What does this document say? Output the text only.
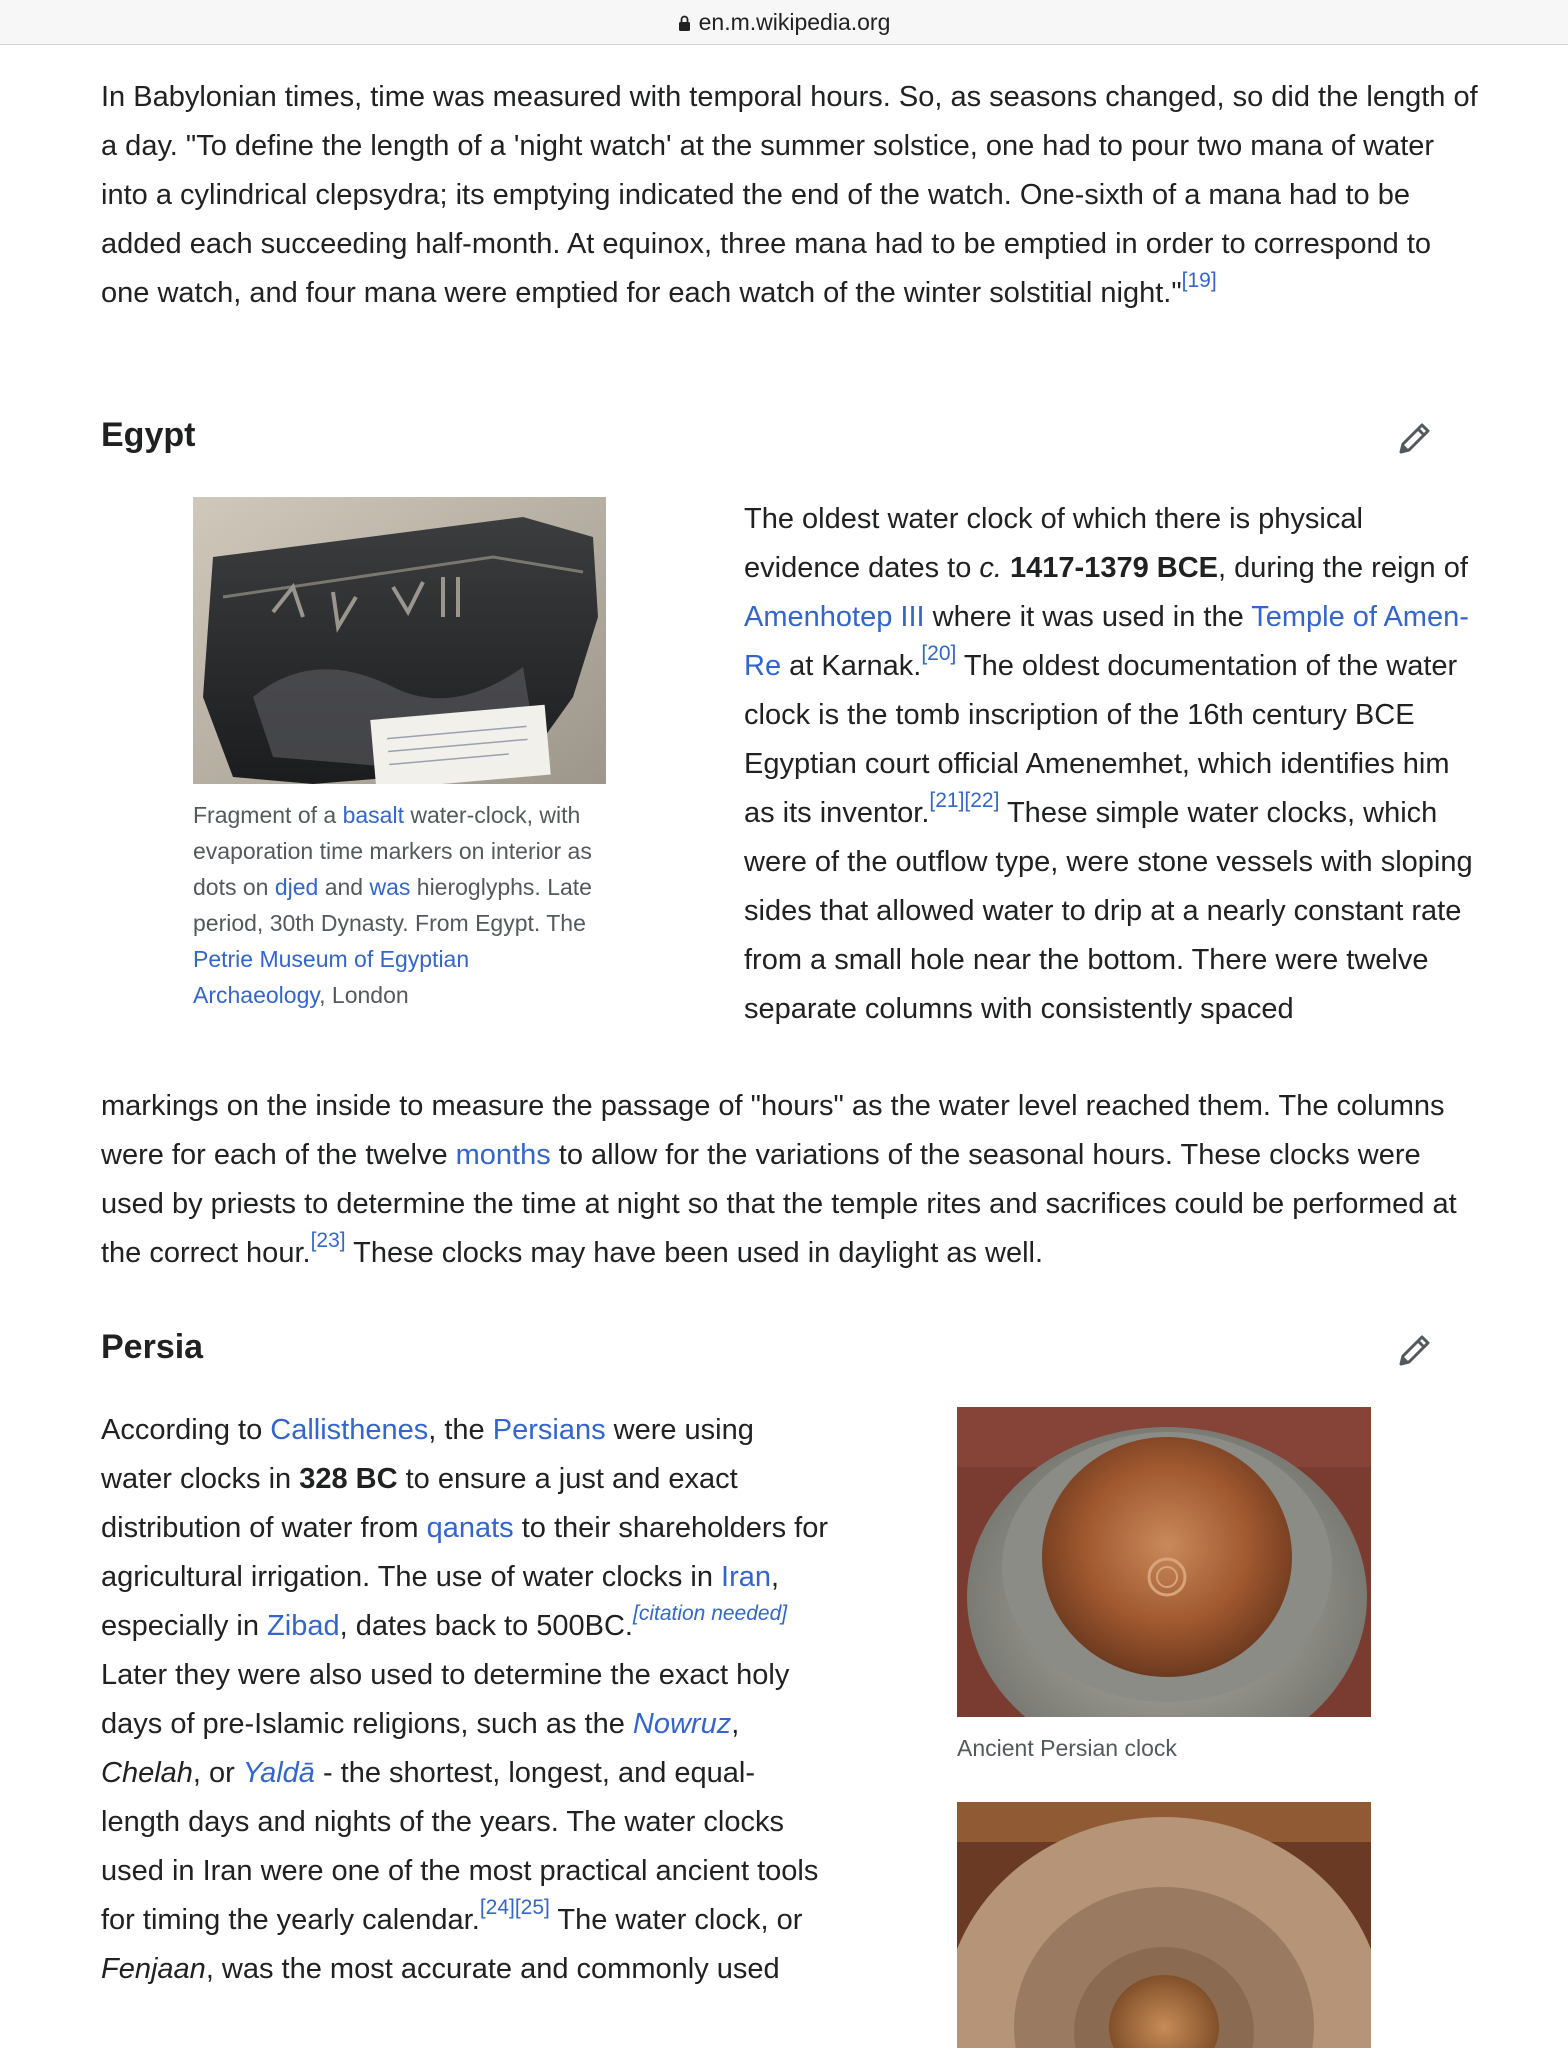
en.m.wikipedia.org

In Babylonian times, time was measured with temporal hours. So, as seasons changed, so did the length of a day. "To define the length of a 'night watch' at the summer solstice, one had to pour two mana of water into a cylindrical clepsydra; its emptying indicated the end of the watch. One-sixth of a mana had to be added each succeeding half-month. At equinox, three mana had to be emptied in order to correspond to one watch, and four mana were emptied for each watch of the winter solstitial night."[19]

Egypt

Fragment of a basalt water-clock, with evaporation time markers on interior as dots on djed and was hieroglyphs. Late period, 30th Dynasty. From Egypt. The Petrie Museum of Egyptian Archaeology, London

The oldest water clock of which there is physical evidence dates to c. 1417-1379 BCE, during the reign of Amenhotep III where it was used in the Temple of Amen-Re at Karnak.[20] The oldest documentation of the water clock is the tomb inscription of the 16th century BCE Egyptian court official Amenemhet, which identifies him as its inventor.[21][22] These simple water clocks, which were of the outflow type, were stone vessels with sloping sides that allowed water to drip at a nearly constant rate from a small hole near the bottom. There were twelve separate columns with consistently spaced

markings on the inside to measure the passage of "hours" as the water level reached them. The columns were for each of the twelve months to allow for the variations of the seasonal hours. These clocks were used by priests to determine the time at night so that the temple rites and sacrifices could be performed at the correct hour.[23] These clocks may have been used in daylight as well.

Persia

According to Callisthenes, the Persians were using water clocks in 328 BC to ensure a just and exact distribution of water from qanats to their shareholders for agricultural irrigation. The use of water clocks in Iran, especially in Zibad, dates back to 500BC.[citation needed] Later they were also used to determine the exact holy days of pre-Islamic religions, such as the Nowruz, Chelah, or Yaldā - the shortest, longest, and equal-length days and nights of the years. The water clocks used in Iran were one of the most practical ancient tools for timing the yearly calendar.[24][25] The water clock, or Fenjaan, was the most accurate and commonly used

Ancient Persian clock
